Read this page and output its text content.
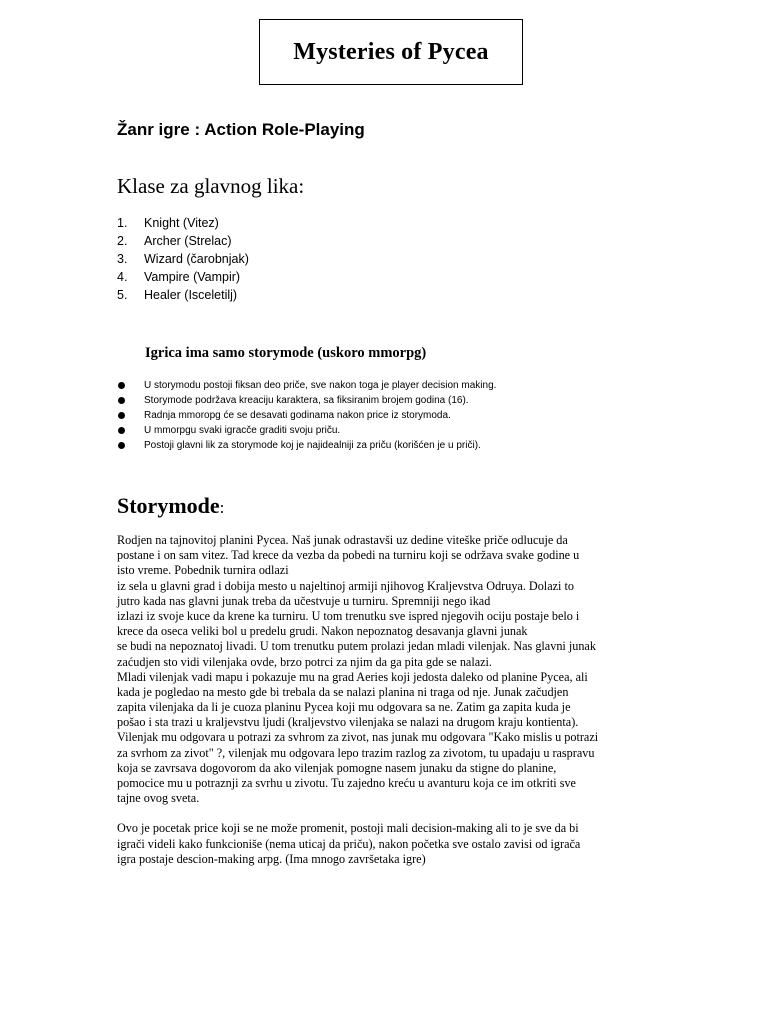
Mysteries of Pycea
Žanr igre : Action Role-Playing
Klase za glavnog lika:
1.	Knight (Vitez)
2.	Archer (Strelac)
3.	Wizard (čarobnjak)
4.	Vampire (Vampir)
5.	Healer (Isceletilj)
Igrica ima samo storymode (uskoro mmorpg)
U storymodu postoji fiksan deo priče, sve nakon toga je player decision making.
Storymode podržava kreaciju karaktera, sa fiksiranim brojem godina (16).
Radnja mmoropg će se desavati godinama nakon price iz storymoda.
U mmorpgu svaki igracče graditi svoju priču.
Postoji glavni lik za storymode koj je najidealniji za priču (korišćen je u priči).
Storymode:
Rodjen na tajnovitoj planini Pycea. Naš junak odrastavši uz dedine viteške priče odlucuje da
postane i on sam vitez. Tad krece da vezba da pobedi na turniru koji se održava svake godine u
isto vreme. Pobednik turnira odlazi
iz sela u glavni grad i dobija mesto u najeltinoj armiji njihovog Kraljevstva Odruya. Dolazi to
jutro kada nas glavni junak treba da učestvuje u turniru. Spremniji nego ikad
izlazi iz svoje kuce da krene ka turniru. U tom trenutku sve ispred njegovih ociju postaje belo i
krece da oseca veliki bol u predelu grudi. Nakon nepoznatog desavanja glavni junak
se budi na nepoznatoj livadi. U tom trenutku putem prolazi jedan mladi vilenjak. Nas glavni junak
zaćudjen sto vidi vilenjaka ovde, brzo potrci za njim da ga pita gde se nalazi.
Mladi vilenjak vadi mapu i pokazuje mu na grad Aeries koji jedosta daleko od planine Pycea, ali
kada je pogledao na mesto gde bi trebala da se nalazi planina ni traga od nje. Junak začudjen
zapita vilenjaka da li je cuoza planinu Pycea koji mu odgovara sa ne. Zatim ga zapita kuda je
pošao i sta trazi u kraljevstvu ljudi (kraljevstvo vilenjaka se nalazi na drugom kraju kontienta).
Vilenjak mu odgovara u potrazi za svhrom za zivot, nas junak mu odgovara "Kako mislis u potrazi
za svrhom za zivot" ?, vilenjak mu odgovara lepo trazim razlog za zivotom, tu upadaju u raspravu
koja se zavrsava dogovorom da ako vilenjak pomogne nasem junaku da stigne do planine,
pomocice mu u potraznji za svrhu u zivotu. Tu zajedno kreću u avanturu koja ce im otkriti sve
tajne ovog sveta.
Ovo je pocetak price koji se ne može promenit, postoji mali decision-making ali to je sve da bi
igrači videli kako funkcioniše (nema uticaj da priču), nakon početka sve ostalo zavisi od igrača
igra postaje descion-making arpg. (Ima mnogo završetaka igre)
